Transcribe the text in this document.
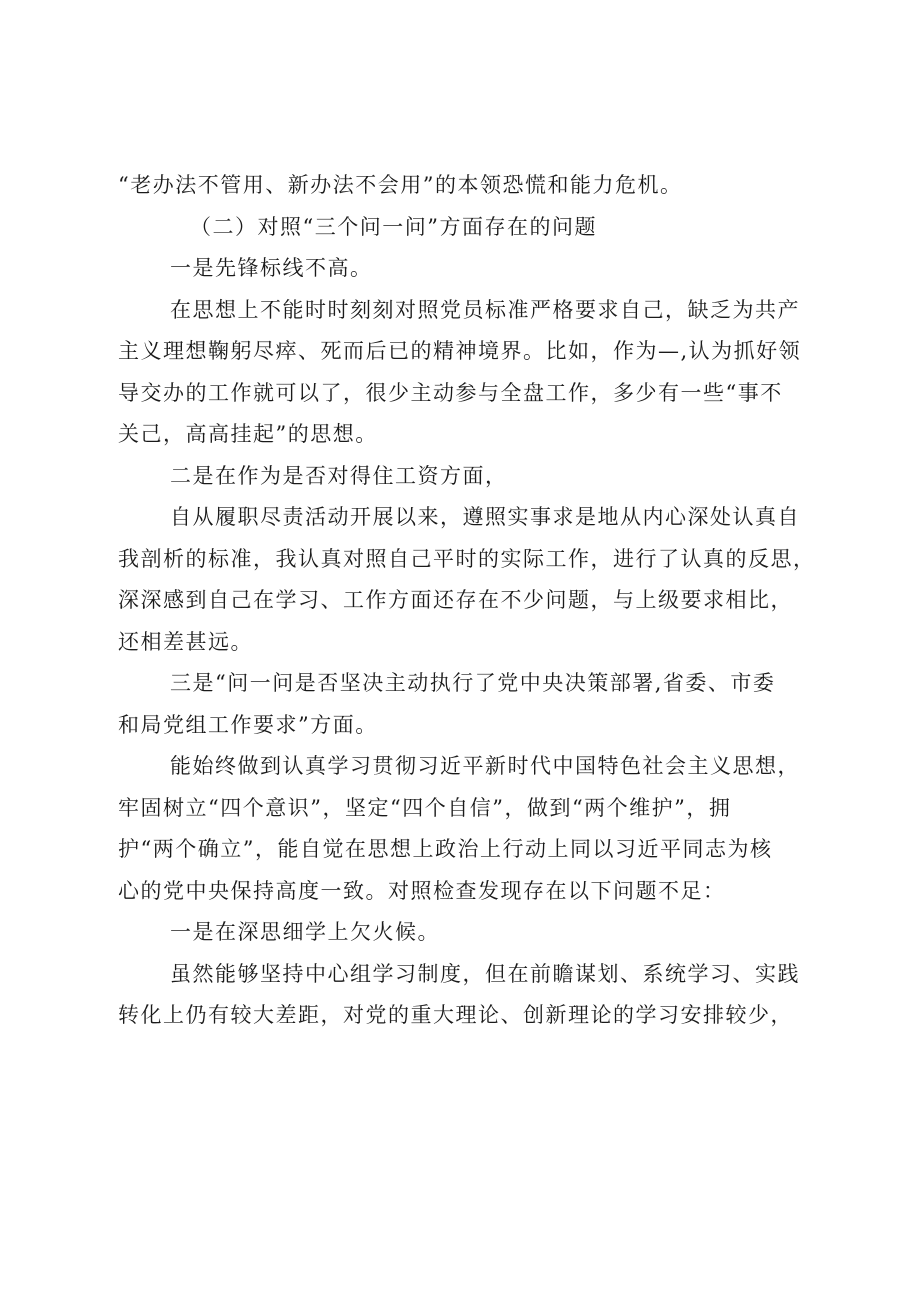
“老办法不管用、新办法不会用”的本领恐慌和能力危机。
（二）对照“三个问一问”方面存在的问题
一是先锋标线不高。
在思想上不能时时刻刻对照党员标准严格要求自己，缺乏为共产
主义理想鞠躬尽瘁、死而后已的精神境界。比如，作为—,认为抓好领
导交办的工作就可以了，很少主动参与全盘工作，多少有一些“事不
关己，高高挂起”的思想。
二是在作为是否对得住工资方面，
自从履职尽责活动开展以来，遵照实事求是地从内心深处认真自
我剖析的标准，我认真对照自己平时的实际工作，进行了认真的反思，
深深感到自己在学习、工作方面还存在不少问题，与上级要求相比，
还相差甚远。
三是“问一问是否坚决主动执行了党中央决策部署,省委、市委
和局党组工作要求”方面。
能始终做到认真学习贯彻习近平新时代中国特色社会主义思想，
牢固树立“四个意识”，坚定“四个自信”，做到“两个维护”，拥
护“两个确立”，能自觉在思想上政治上行动上同以习近平同志为核
心的党中央保持高度一致。对照检查发现存在以下问题不足：
一是在深思细学上欠火候。
虽然能够坚持中心组学习制度，但在前瞻谋划、系统学习、实践
转化上仍有较大差距，对党的重大理论、创新理论的学习安排较少，
